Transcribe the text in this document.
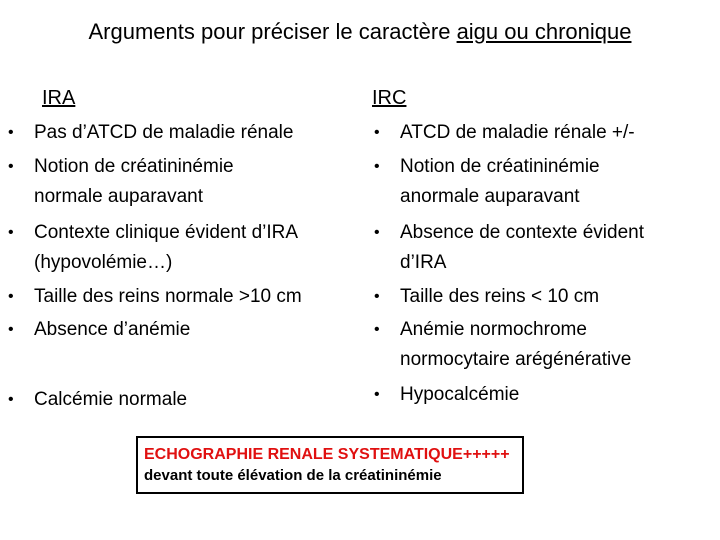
Arguments pour préciser le caractère aigu ou chronique
IRA	IRC
•	Pas d’ATCD de maladie rénale
•	Notion de créatininémie
normale auparavant
•	Contexte clinique évident d’IRA
(hypovolémie…)
•	Taille des reins normale >10 cm
•	Absence d’anémie
•	Calcémie normale
•	ATCD de maladie rénale +/-
•	Notion de créatininémie
anormale auparavant
•	Absence de contexte évident
d’IRA
•	Taille des reins < 10 cm
•	Anémie normochrome
normocytaire arégénérative
•	Hypocalcémie
ECHOGRAPHIE RENALE SYSTEMATIQUE+++++
devant toute élévation de la créatininémie
